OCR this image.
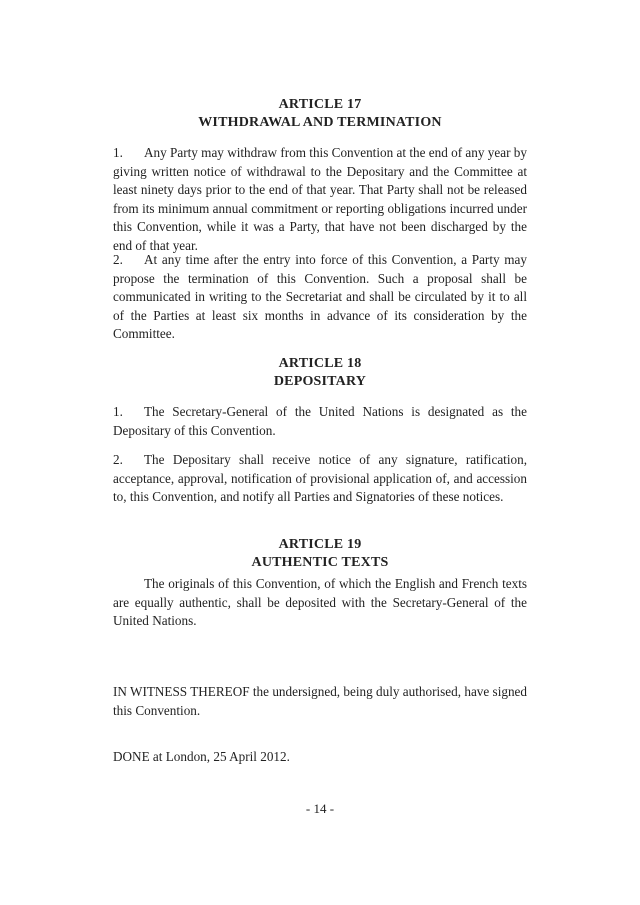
ARTICLE 17
WITHDRAWAL AND TERMINATION

1. Any Party may withdraw from this Convention at the end of any year by giving written notice of withdrawal to the Depositary and the Committee at least ninety days prior to the end of that year. That Party shall not be released from its minimum annual commitment or reporting obligations incurred under this Convention, while it was a Party, that have not been discharged by the end of that year.

2. At any time after the entry into force of this Convention, a Party may propose the termination of this Convention. Such a proposal shall be communicated in writing to the Secretariat and shall be circulated by it to all of the Parties at least six months in advance of its consideration by the Committee.

ARTICLE 18
DEPOSITARY

1. The Secretary-General of the United Nations is designated as the Depositary of this Convention.

2. The Depositary shall receive notice of any signature, ratification, acceptance, approval, notification of provisional application of, and accession to, this Convention, and notify all Parties and Signatories of these notices.

ARTICLE 19
AUTHENTIC TEXTS

The originals of this Convention, of which the English and French texts are equally authentic, shall be deposited with the Secretary-General of the United Nations.

IN WITNESS THEREOF the undersigned, being duly authorised, have signed this Convention.

DONE at London, 25 April 2012.

- 14 -
